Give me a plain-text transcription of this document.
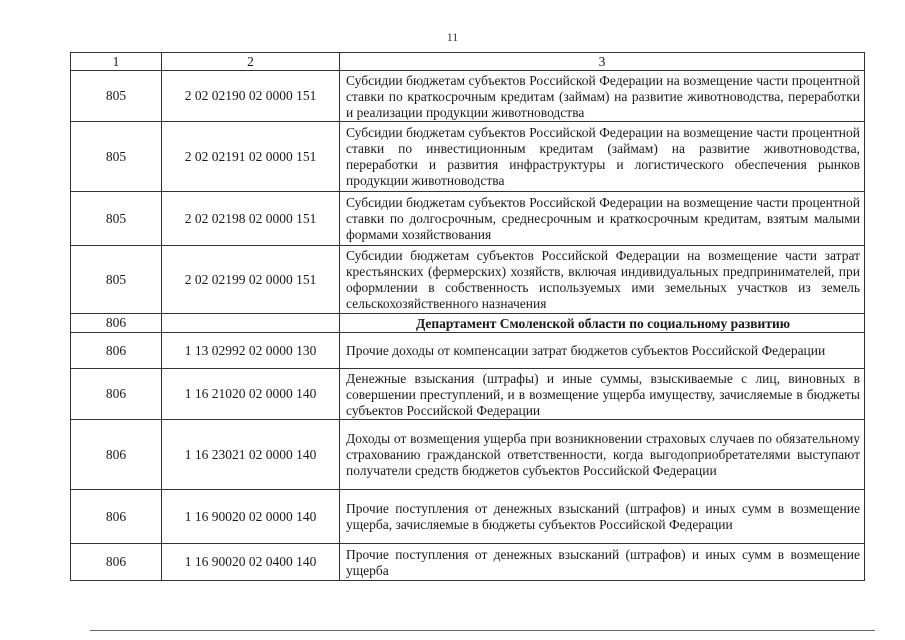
11
1	2	3
805	2 02 02190 02 0000 151	Субсидии бюджетам субъектов Российской Федерации на возмещение части процентной ставки по краткосрочным кредитам (займам) на развитие животноводства, переработки и реализации продукции животноводства
805	2 02 02191 02 0000 151	Субсидии бюджетам субъектов Российской Федерации на возмещение части процентной ставки по инвестиционным кредитам (займам) на развитие животноводства, переработки и развития инфраструктуры и логистического обеспечения рынков продукции животноводства
805	2 02 02198 02 0000 151	Субсидии бюджетам субъектов Российской Федерации на возмещение части процентной ставки по долгосрочным, среднесрочным и краткосрочным кредитам, взятым малыми формами хозяйствования
805	2 02 02199 02 0000 151	Субсидии бюджетам субъектов Российской Федерации на возмещение части затрат крестьянских (фермерских) хозяйств, включая индивидуальных предпринимателей, при оформлении в собственность используемых ими земельных участков из земель сельскохозяйственного назначения
806		Департамент Смоленской области по социальному развитию
806	1 13 02992 02 0000 130	Прочие доходы от компенсации затрат бюджетов субъектов Российской Федерации
806	1 16 21020 02 0000 140	Денежные взыскания (штрафы) и иные суммы, взыскиваемые с лиц, виновных в совершении преступлений, и в возмещение ущерба имуществу, зачисляемые в бюджеты субъектов Российской Федерации
806	1 16 23021 02 0000 140	Доходы от возмещения ущерба при возникновении страховых случаев по обязательному страхованию гражданской ответственности, когда выгодоприобретателями выступают получатели средств бюджетов субъектов Российской Федерации
806	1 16 90020 02 0000 140	Прочие поступления от денежных взысканий (штрафов) и иных сумм в возмещение ущерба, зачисляемые в бюджеты субъектов Российской Федерации
806	1 16 90020 02 0400 140	Прочие поступления от денежных взысканий (штрафов) и иных сумм в возмещение ущерба
